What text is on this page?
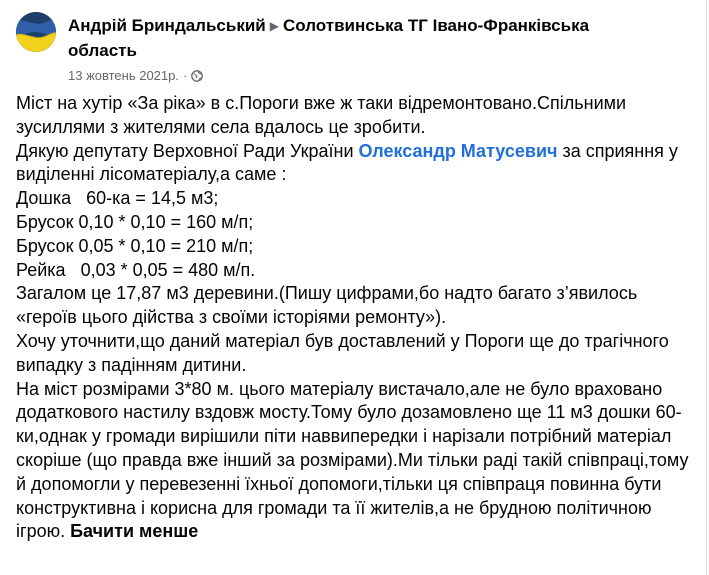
Андрій Бриндальський ▶ Солотвинська ТГ Івано-Франківська
область
13 жовтень 2021р. ·

Міст на хутір «За ріка» в с.Пороги вже ж таки відремонтовано.Спільними зусиллями з жителями села вдалось це зробити.

Дякую депутату Верховної Ради України Олександр Матусевич за сприяння у виділенні лісоматеріалу,а саме :

Дошка   60-ка = 14,5 м3;

Брусок 0,10 * 0,10 = 160 м/п;

Брусок 0,05 * 0,10 = 210 м/п;

Рейка   0,03 * 0,05 = 480 м/п.

Загалом це 17,87 м3 деревини.(Пишу цифрами,бо надто багато з’явилось «героїв цього дійства з своїми історіями ремонту»).

Хочу уточнити,що даний матеріал був доставлений у Пороги ще до трагічного випадку з падінням дитини.

На міст розмірами 3*80 м. цього матеріалу вистачало,але не було враховано додаткового настилу вздовж мосту.Тому було дозамовлено ще 11 м3 дошки 60-ки,однак у громади вирішили піти наввипередки і нарізали потрібний матеріал скоріше (що правда вже інший за розмірами).Ми тільки раді такій співпраці,тому й допомогли у перевезенні їхньої допомоги,тільки ця співпраця повинна бути конструктивна і корисна для громади та її жителів,а не брудною політичною ігрою. Бачити менше
